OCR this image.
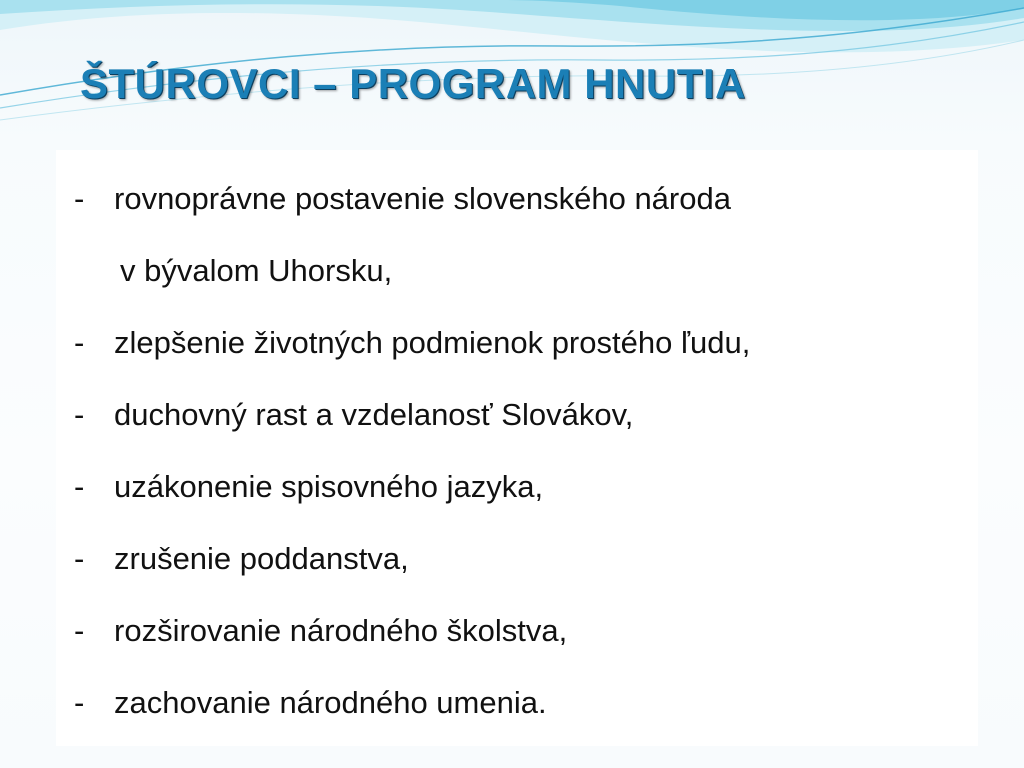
ŠTÚROVCI – PROGRAM HNUTIA
- rovnoprávne postavenie slovenského národa
v bývalom Uhorsku,
- zlepšenie životných podmienok prostého ľudu,
- duchovný rast a vzdelanosť Slovákov,
- uzákonenie spisovného jazyka,
- zrušenie poddanstva,
- rozširovanie národného školstva,
- zachovanie národného umenia.
